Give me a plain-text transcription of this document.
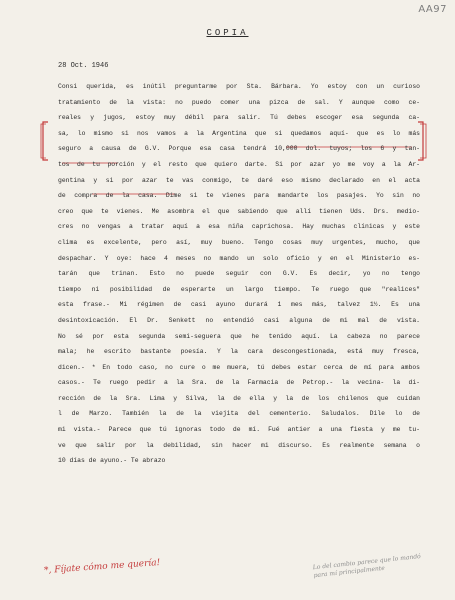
AA97
COPIA
28 Oct. 1946
Consi querida, es inútil preguntarme por Sta. Bárbara. Yo estoy con un curioso
tratamiento de la vista: no puedo comer una pizca de sal. Y aunque como ce-
reales y jugos, estoy muy débil para salir. Tú debes escoger esa segunda ca-
sa, lo mismo si nos vamos a la Argentina que si quedamos aquí- que es lo más
seguro a causa de G.V. Porque esa casa tendrá 10,000 dol. tuyos; los 6 y tan-
tos de tu porción y el resto que quiero darte. Si por azar yo me voy a la Ar-
gentina y si por azar te vas conmigo, te daré eso mismo declarado en el acta
de compra de la casa. Dime si te vienes para mandarte los pasajes. Yo sin no
creo que te vienes. Me asombra el que sabiendo que allí tienen Uds. Drs. medio-
cres no vengas a tratar aquí a esa niña caprichosa. Hay muchas clínicas y este
clima es excelente, pero así, muy bueno. Tengo cosas muy urgentes, mucho, que
despachar. Y oye: hace 4 meses no mando un solo oficio y en el Ministerio es-
tarán que trinan. Esto no puede seguir con G.V. Es decir, yo no tengo
tiempo ni posibilidad de esperarte un largo tiempo. Te ruego que "realices"
esta frase.- Mi régimen de casi ayuno durará 1 mes más, talvez 1½. Es una
desintoxicación. El Dr. Senkett no entendió casi alguna de mi mal de vista.
No sé por esta segunda semi-seguera que he tenido aquí. La cabeza no parece
mala; he escrito bastante poesía. Y la cara descongestionada, está muy fresca,
dicen.- * En todo caso, no cure o me muera, tú debes estar cerca de mí para ambos
casos.- Te ruego pedir a la Sra. de la Farmacia de Petrop.- la vecina- la di-
rección de la Sra. Lima y Silva, la de ella y la de los chilenos que cuidan
l de Marzo. También la de la viejita del cementerio. Saludalos. Dile lo de
mi vista.- Parece que tú ignoras todo de mí. Fué antier a una fiesta y me tu-
ve que salir por la debilidad, sin hacer mi discurso. Es realmente semana o
10 días de ayuno.- Te abrazo
*, Fíjate cómo me quería!	Lo del cambio parece que lo mandó para mí principalmente
